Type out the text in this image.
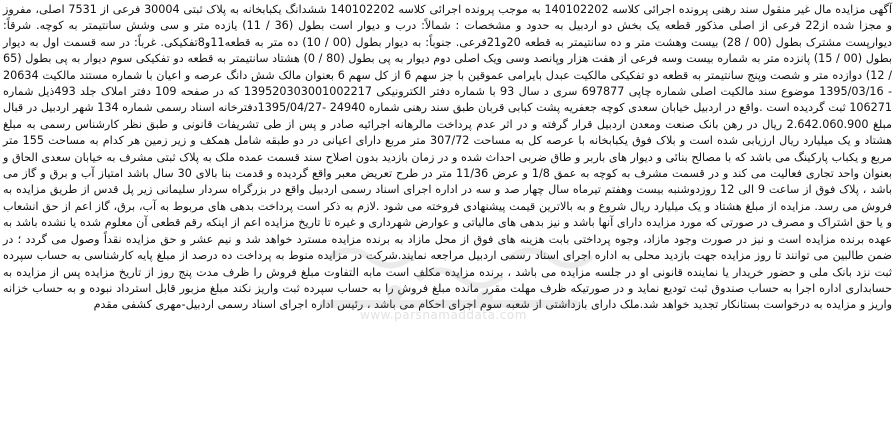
آگهی مزایده مال غیر منقول سند رهنی پرونده اجرائی کلاسه 140102202 به موجب پرونده اجرائی کلاسه 140102202 ششدانگ یکبابخانه به پلاک ثبتی 30004 فرعی از 7531 اصلی، مفروز و مجزا شده از22 فرعی از اصلی مذکور قطعه یک بخش دو اردبیل به حدود و مشخصات : شمالاً: درب و دیوار است بطول (36 / 11) یازده متر و سی وشش سانتیمتر به کوچه. شرقاً: دیوارپست مشترک بطول (00 / 28) بیست وهشت متر و ده سانتیمتر به قطعه 20و21فرعی. جنوباً: به دیوار بطول (00 / 10) ده متر به قطعه11و8تفکیکی. غرباً: در سه قسمت اول به دیوار بطول (00 / 15) پانزده متر به شماره بیست وسه فرعی از هفت هزار وپانصد وسی ویک اصلی دوم دیوار به پی بطول (80 / 0) هشتاد سانتیمتر به قطعه دو تفکیکی سوم دیوار به پی بطول (65 / 12) دوازده متر و شصت وپنج سانتیمتر به قطعه دو تفکیکی مالکیت عبدل بایرامی عموقین با جز سهم 6 از کل سهم 6 بعنوان مالک شش دانگ عرصه و اعیان با شماره مستند مالکیت 20634 - 1395/03/16 موضوع سند مالکیت اصلی شماره چاپی 697877 سری د سال 93 با شماره دفتر الکترونیکی 139520303001002217 که در صفحه 109 دفتر املاک جلد 493ذیل شماره 106271 ثبت گردیده است .واقع در اردبیل خیابان سعدی کوچه جعفریه پشت کبابی قربان طبق سند رهنی شماره 24940 -1395/04/27دفترخانه اسناد رسمی شماره 134 شهر اردبیل در قبال مبلغ 2.642.060.900 ریال در رهن بانک صنعت ومعدن اردبیل قرار گرفته و در اثر عدم پرداخت مالرهانه اجرائیه صادر و پس از طی تشریفات قانونی و طبق نظر کارشناس رسمی به مبلغ هشتاد و یک میلیارد ریال ارزیابی شده است و بلاک فوق یکبابخانه با عرصه کل به مساحت 307/72 متر مربع دارای اعیانی در دو طبقه شامل همکف و زیر زمین هر کدام به مساحت 155 متر مربع و یکباب پارکینگ می باشد که با مصالح بنائی و دیوار های باربر و طاق ضربی احداث شده و در زمان بازدید بدون اصلاح سند قسمت عمده ملک به پلاک ثبتی مشرف به خیابان سعدی الحاق و بعنوان واحد تجاری فعالیت می کند و در قسمت مشرف به کوچه به عمق 1/8 و عرض 11/36 متر در طرح تعریض معبر واقع گردیده و قدمت بنا بالای 30 سال باشد امتیاز آب و برق و گاز می باشد ، پلاک فوق از ساعت 9 الی 12 روزدوشنبه بیست وهفتم تیرماه سال چهار صد و سه در اداره اجرای اسناد رسمی اردبیل واقع در بزرگراه سردار سلیمانی زیر پل قدس از طریق مزایده به فروش می رسد. مزایده از مبلغ هشتاد و یک میلیارد ریال شروع و به بالاترین قیمت پیشنهادی فروخته می شود .لازم به ذکر است پرداخت بدهی های مربوط به آب، برق، گاز اعم از حق انشعاب و یا حق اشتراک و مصرف در صورتی که مورد مزایده دارای آنها باشد و نیز بدهی های مالیاتی و عوارض شهرداری و غیره تا تاریخ مزایده اعم از اینکه رقم قطعی آن معلوم شده یا نشده باشد به عهده برنده مزایده است و نیز در صورت وجود مازاد، وجوه پرداختی بابت هزینه های فوق از محل مازاد به برنده مزایده مسترد خواهد شد و نیم عشر و حق مزایده نقداً وصول می گردد ؛ در ضمن طالبین می توانند تا روز مزایده جهت بازدید محلی به اداره اجرای اسناد رسمی اردبیل مراجعه نمایند.شرکت در مزایده منوط به پرداخت ده درصد از مبلغ پایه کارشناسی به حساب سپرده ثبت نزد بانک ملی و حضور خریدار یا نماینده قانونی او در جلسه مزایده می باشد ، برنده مزایده مکلف است مابه التفاوت مبلغ فروش را ظرف مدت پنج روز از تاریخ مزایده پس از مزایده به حسابداری اداره اجرا به حساب صندوق ثبت تودیع نماید و در صورتیکه ظرف مهلت مقرر مانده مبلغ فروش را به حساب سپرده ثبت واریز نکند مبلغ مزبور قابل استرداد نبوده و به حساب خزانه واریز و مزایده به درخواست بستانکار تجدید خواهد شد.ملک دارای بازداشتی از شعبه سوم اجرای احکام می باشد ، رئیس اداره اجرای اسناد رسمی اردبیل-مهری کشفی مقدم

www.parsnamaddata.com
